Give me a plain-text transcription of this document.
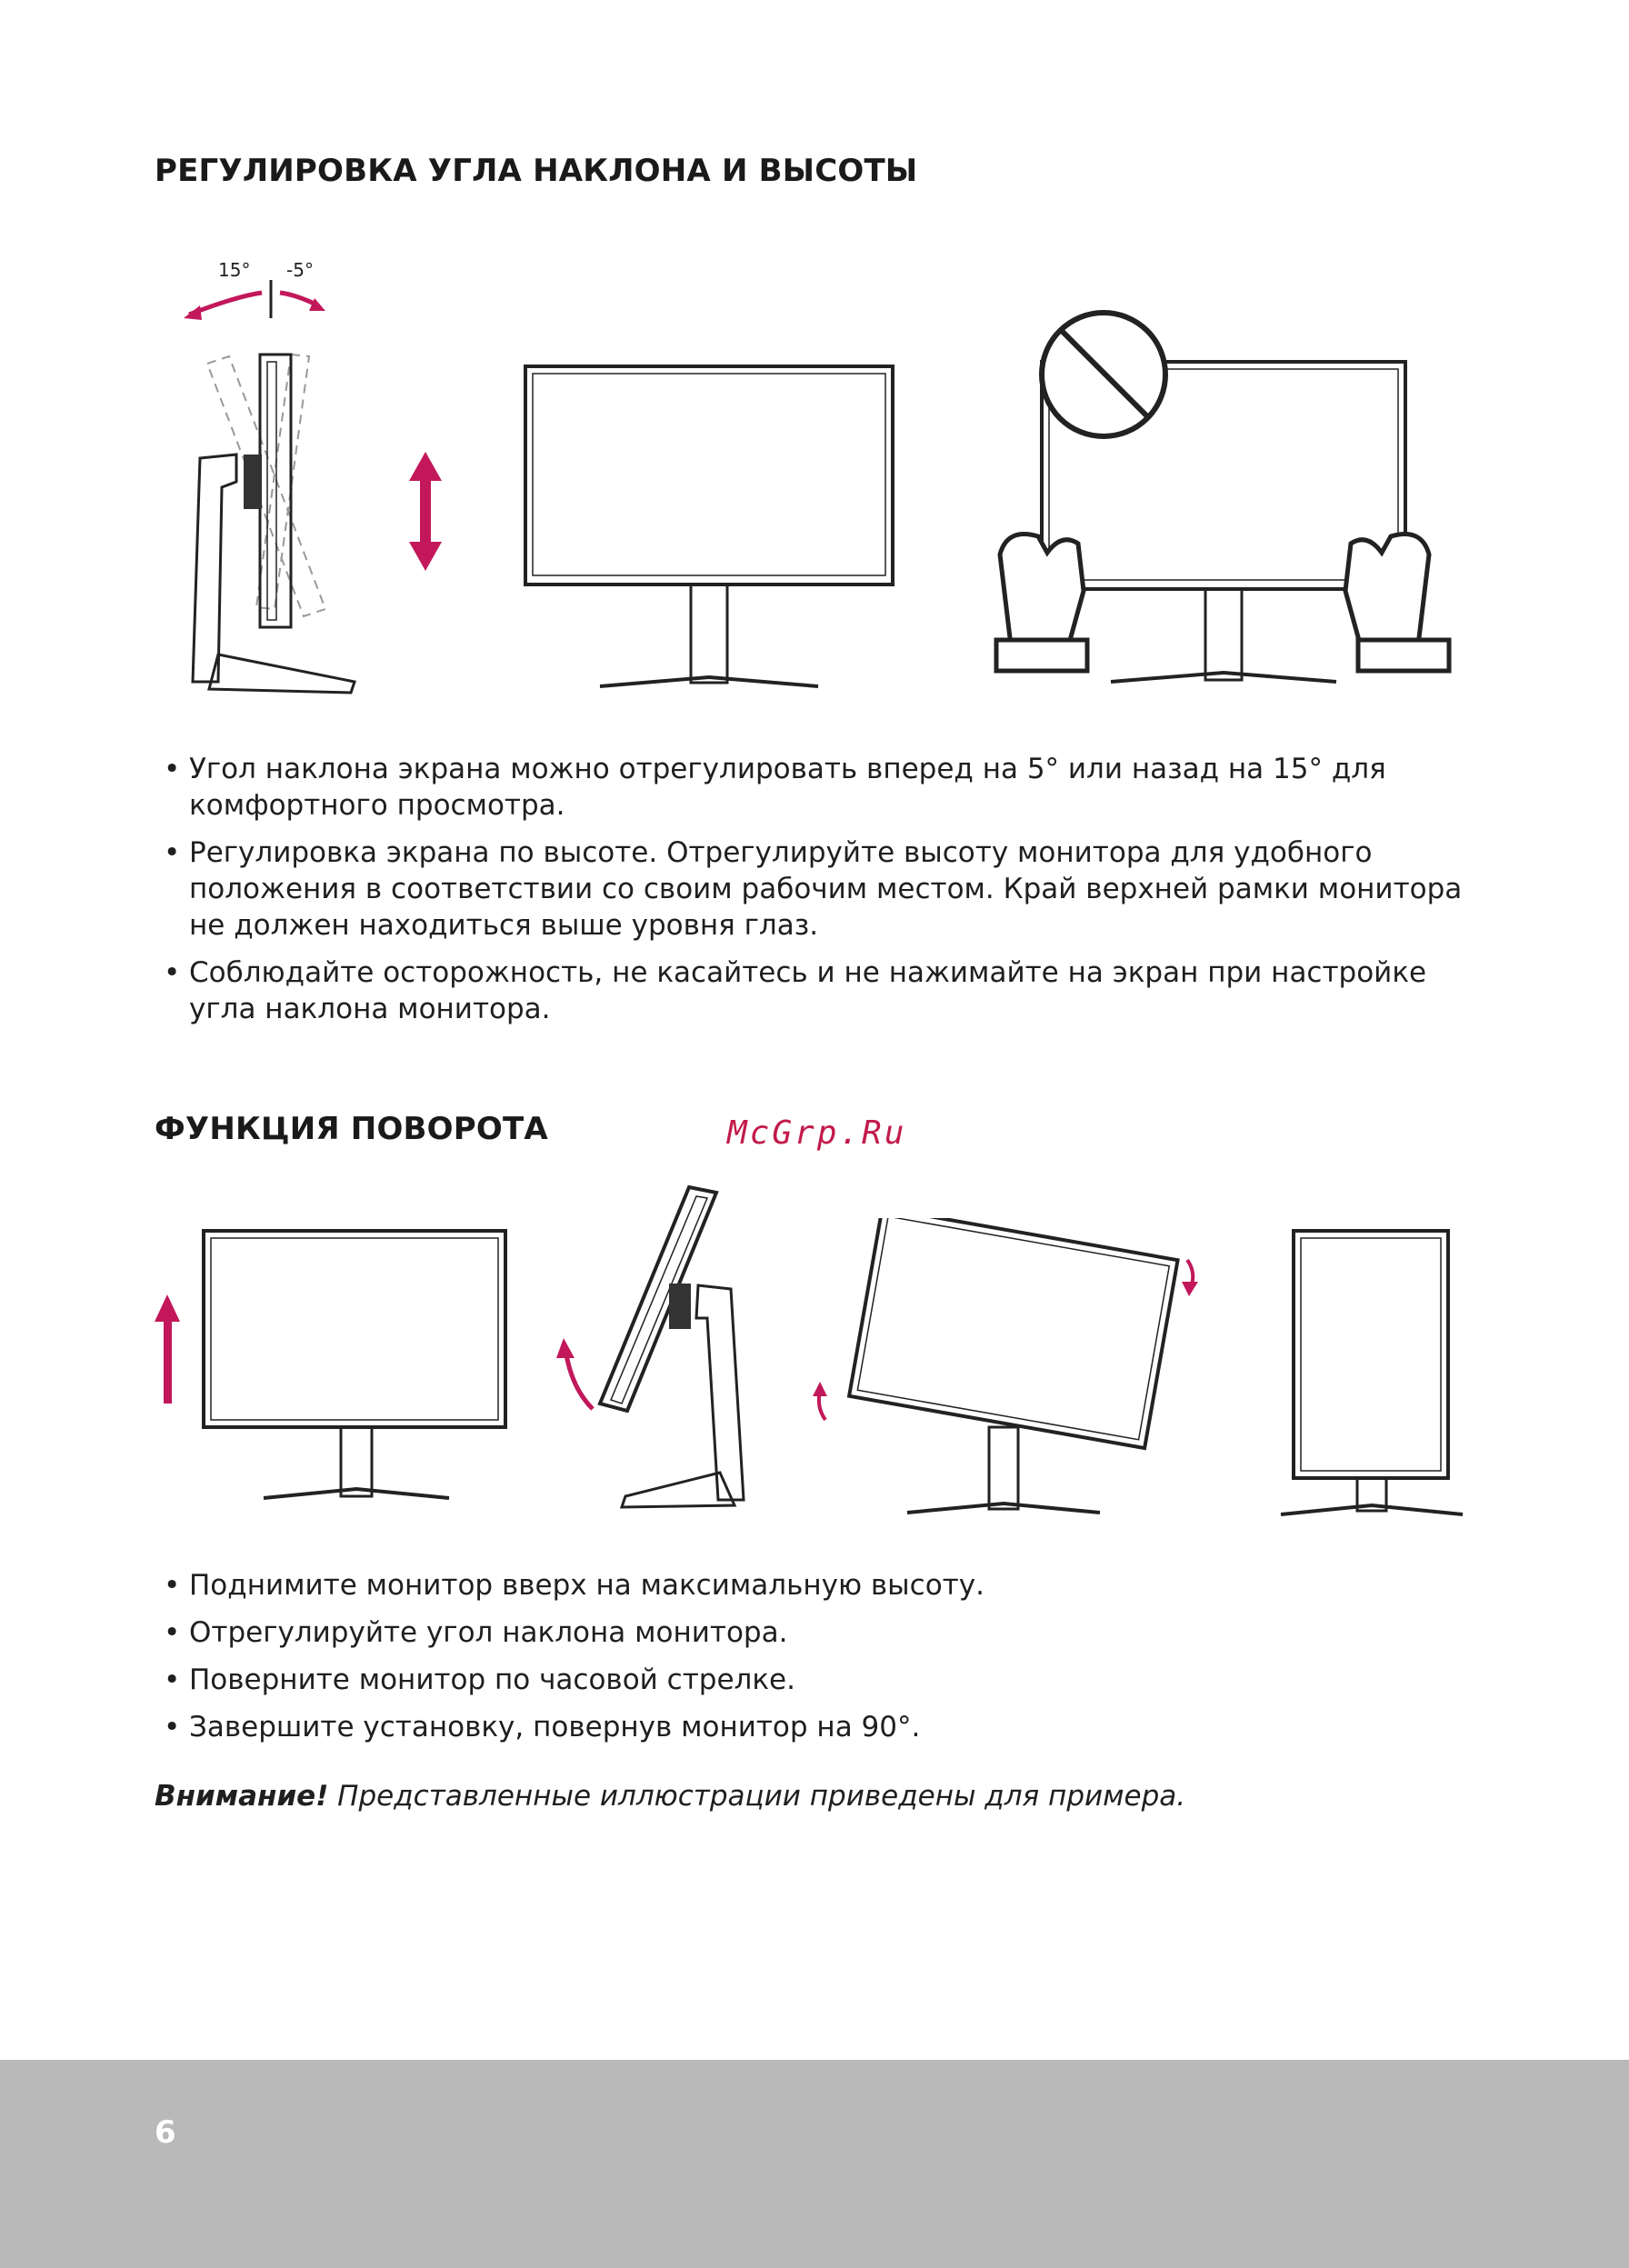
РЕГУЛИРОВКА УГЛА НАКЛОНА И ВЫСОТЫ
15° -5°
• Угол наклона экрана можно отрегулировать вперед на 5° или назад на 15° для комфортного просмотра.
• Регулировка экрана по высоте. Отрегулируйте высоту монитора для удобного положения в соответствии со своим рабочим местом. Край верхней рамки монитора не должен находиться выше уровня глаз.
• Соблюдайте осторожность, не касайтесь и не нажимайте на экран при настройке угла наклона монитора.
ФУНКЦИЯ ПОВОРОТА	McGrp.Ru
• Поднимите монитор вверх на максимальную высоту.
• Отрегулируйте угол наклона монитора.
• Поверните монитор по часовой стрелке.
• Завершите установку, повернув монитор на 90°.
Внимание! Представленные иллюстрации приведены для примера.
6
